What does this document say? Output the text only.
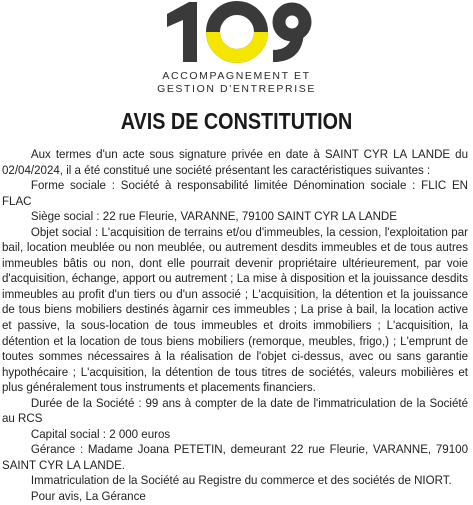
ACCOMPAGNEMENT ET
GESTION D'ENTREPRISE
AVIS DE CONSTITUTION

Aux termes d'un acte sous signature privée en date à SAINT CYR LA LANDE du 02/04/2024, il a été constitué une société présentant les caractéristiques suivantes :

Forme sociale : Société à responsabilité limitée Dénomination sociale : FLIC EN FLAC

Siège social : 22 rue Fleurie, VARANNE, 79100 SAINT CYR LA LANDE

Objet social : L'acquisition de terrains et/ou d'immeubles, la cession, l'exploitation par bail, location meublée ou non meublée, ou autrement desdits immeubles et de tous autres immeubles bâtis ou non, dont elle pourrait devenir propriétaire ultérieurement, par voie d'acquisition, échange, apport ou autrement ; La mise à disposition et la jouissance desdits immeubles au profit d'un tiers ou d'un associé ; L'acquisition, la détention et la jouissance de tous biens mobiliers destinés àgarnir ces immeubles ; La prise à bail, la location active et passive, la sous-location de tous immeubles et droits immobiliers ; L'acquisition, la détention et la location de tous biens mobiliers (remorque, meubles, frigo,) ; L'emprunt de toutes sommes nécessaires à la réalisation de l'objet ci-dessus, avec ou sans garantie hypothécaire ; L'acquisition, la détention de tous titres de sociétés, valeurs mobilières et plus généralement tous instruments et placements financiers.

Durée de la Société : 99 ans à compter de la date de l'immatriculation de la Société au RCS

Capital social : 2 000 euros

Gérance : Madame Joana PETETIN, demeurant 22 rue Fleurie, VARANNE, 79100 SAINT CYR LA LANDE.

Immatriculation de la Société au Registre du commerce et des sociétés de NIORT.

Pour avis, La Gérance
